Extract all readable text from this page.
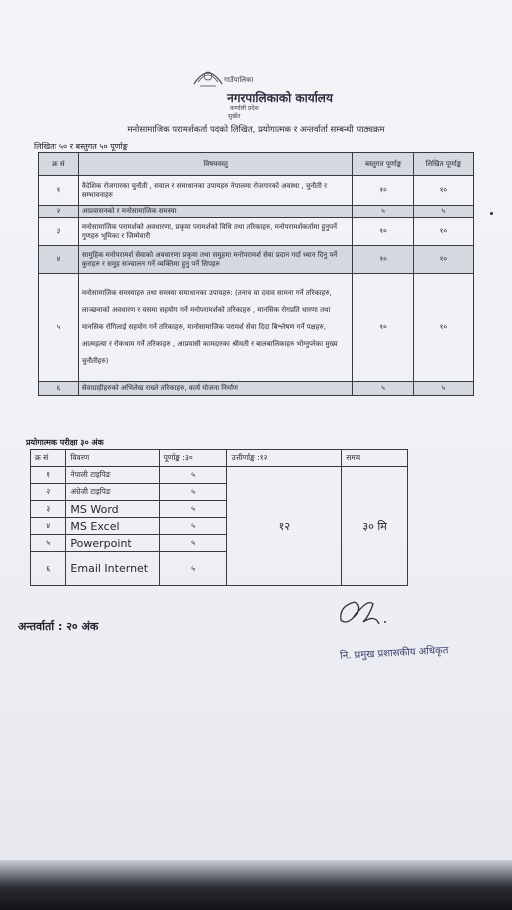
गाउँपालिका
नगरपालिकाको कार्यालय
कर्णाली प्रदेश
सुर्खेत
मनोसामाजिक परामर्शकर्ता पदको लिखित, प्रयोगात्मक र अन्तर्वार्ता सम्बन्धी पाठ्यक्रम
लिखितः ५० र बस्तुगत ५० पूर्णाङ्क
क्र सं	विषयवस्तु	बस्तुगत पूर्णाङ्क	लिखित पूर्णाङ्क
१	वैदेशिक रोजगारका चुनौती , सवाल र समाधानका उपायहरु नेपालमा रोजगारको अवस्था , चुनौती र सम्भावनाहरु	१०	१०
२	आप्रवासनको र मनोसामाजिक समस्या	५	५
३	मनोसामाजिक परामर्शको अवधारणा, प्रकृया परामर्शको विधि तथा तरिकाहरु, मनोपरामर्शकर्तामा हुनुपर्ने गुणहरु भूमिका र जिम्मेवारी	१०	१०
४	सामुहिक मनोपरामर्श सेवाको अवधारणा प्रकृया तथा समुहमा मनोपरामर्श सेवा प्रदान गर्दा ध्यान दिनु पर्ने कुराहरु र समुह सञ्चालन गर्ने व्यक्तिमा हुनु पर्ने सिपहरु	१०	१०
५	मनोसामाजिक समस्याहरु तथा समस्या समाधानका उपायहरु: (तनाव वा दवाव सामना गर्ने तरिकाहरु, लाञ्छनाको अवधारण र यसमा सहयोग गर्ने मनोपरामर्शको तरिकाहरु , मानसिक रोगप्रति धारणा तथा मानसिक रोगिलाई सहयोग गर्ने तरिकाहरु, मानोसामाजिक परामर्श सेवा दिदा बिश्लेषण गर्ने पक्षहरु, आत्महत्या र रोकथाम गर्ने तरिकाहरु , आप्रवासी कामदारका श्रीमती र बालबालिकाहरु भोग्नुपरेका मुख्य चुनौतीहरु)	१०	१०
६	सेवाग्राहीहरुको अभिलेख राख्ने तरिकाहरु, कार्य योजना निर्माण	५	५
प्रयोगात्मक परीक्षा ३० अंक
क्र सं	विवरण	पूर्णाङ्क :३०	उत्तीर्णाङ्क :१२	समय
१	नेपाली टाइपिङ	५	१२	३० मि
२	अंग्रेजी टाइपिङ	५		
३	MS Word	५		
४	MS Excel	५		
५	Powerpoint	५		
६	Email Internet	५		
अन्तर्वार्ता : २० अंक
नि. प्रमुख प्रशासकीय अधिकृत
